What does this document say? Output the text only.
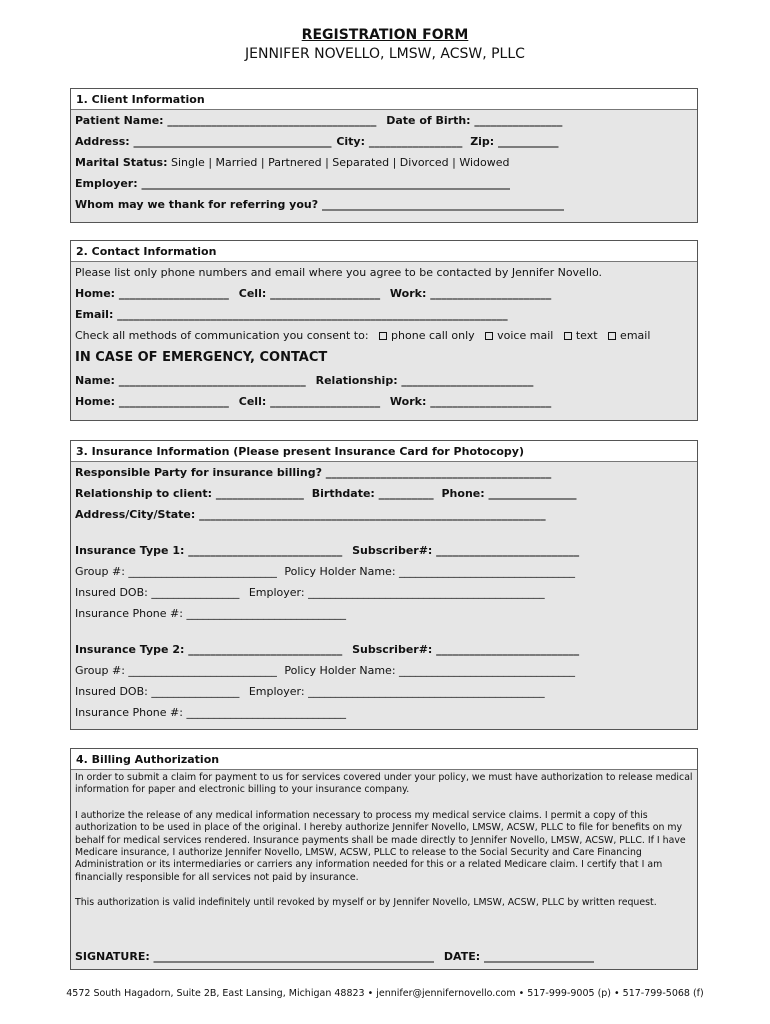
REGISTRATION FORM
JENNIFER NOVELLO, LMSW, ACSW, PLLC
1. Client Information
Patient Name: ______________________________________ Date of Birth: ________________
Address: ____________________________________ City: _________________ Zip: ___________
Marital Status: Single | Married | Partnered | Separated | Divorced | Widowed
Employer: ___________________________________________________________________
Whom may we thank for referring you? ____________________________________________
2. Contact Information
Please list only phone numbers and email where you agree to be contacted by Jennifer Novello.
Home: ____________________ Cell: ____________________ Work: ______________________
Email: _______________________________________________________________________
Check all methods of communication you consent to: phone call only voice mail text email
IN CASE OF EMERGENCY, CONTACT
Name: __________________________________ Relationship: ________________________
Home: ____________________ Cell: ____________________ Work: ______________________
3. Insurance Information (Please present Insurance Card for Photocopy)
Responsible Party for insurance billing? _________________________________________
Relationship to client: ________________ Birthdate: __________ Phone: ________________
Address/City/State: _______________________________________________________________
Insurance Type 1: ____________________________ Subscriber#: __________________________
Group #: ___________________________ Policy Holder Name: ________________________________
Insured DOB: ________________ Employer: ___________________________________________
Insurance Phone #: _____________________________
Insurance Type 2: ____________________________ Subscriber#: __________________________
Group #: ___________________________ Policy Holder Name: ________________________________
Insured DOB: ________________ Employer: ___________________________________________
Insurance Phone #: _____________________________
4. Billing Authorization
In order to submit a claim for payment to us for services covered under your policy, we must have authorization to release medical information for paper and electronic billing to your insurance company.
I authorize the release of any medical information necessary to process my medical service claims. I permit a copy of this authorization to be used in place of the original. I hereby authorize Jennifer Novello, LMSW, ACSW, PLLC to file for benefits on my behalf for medical services rendered. Insurance payments shall be made directly to Jennifer Novello, LMSW, ACSW, PLLC. If I have Medicare insurance, I authorize Jennifer Novello, LMSW, ACSW, PLLC to release to the Social Security and Care Financing Administration or its intermediaries or carriers any information needed for this or a related Medicare claim. I certify that I am financially responsible for all services not paid by insurance.
This authorization is valid indefinitely until revoked by myself or by Jennifer Novello, LMSW, ACSW, PLLC by written request.
SIGNATURE: ___________________________________________________ DATE: ____________________
4572 South Hagadorn, Suite 2B, East Lansing, Michigan 48823 • jennifer@jennifernovello.com • 517-999-9005 (p) • 517-799-5068 (f)
